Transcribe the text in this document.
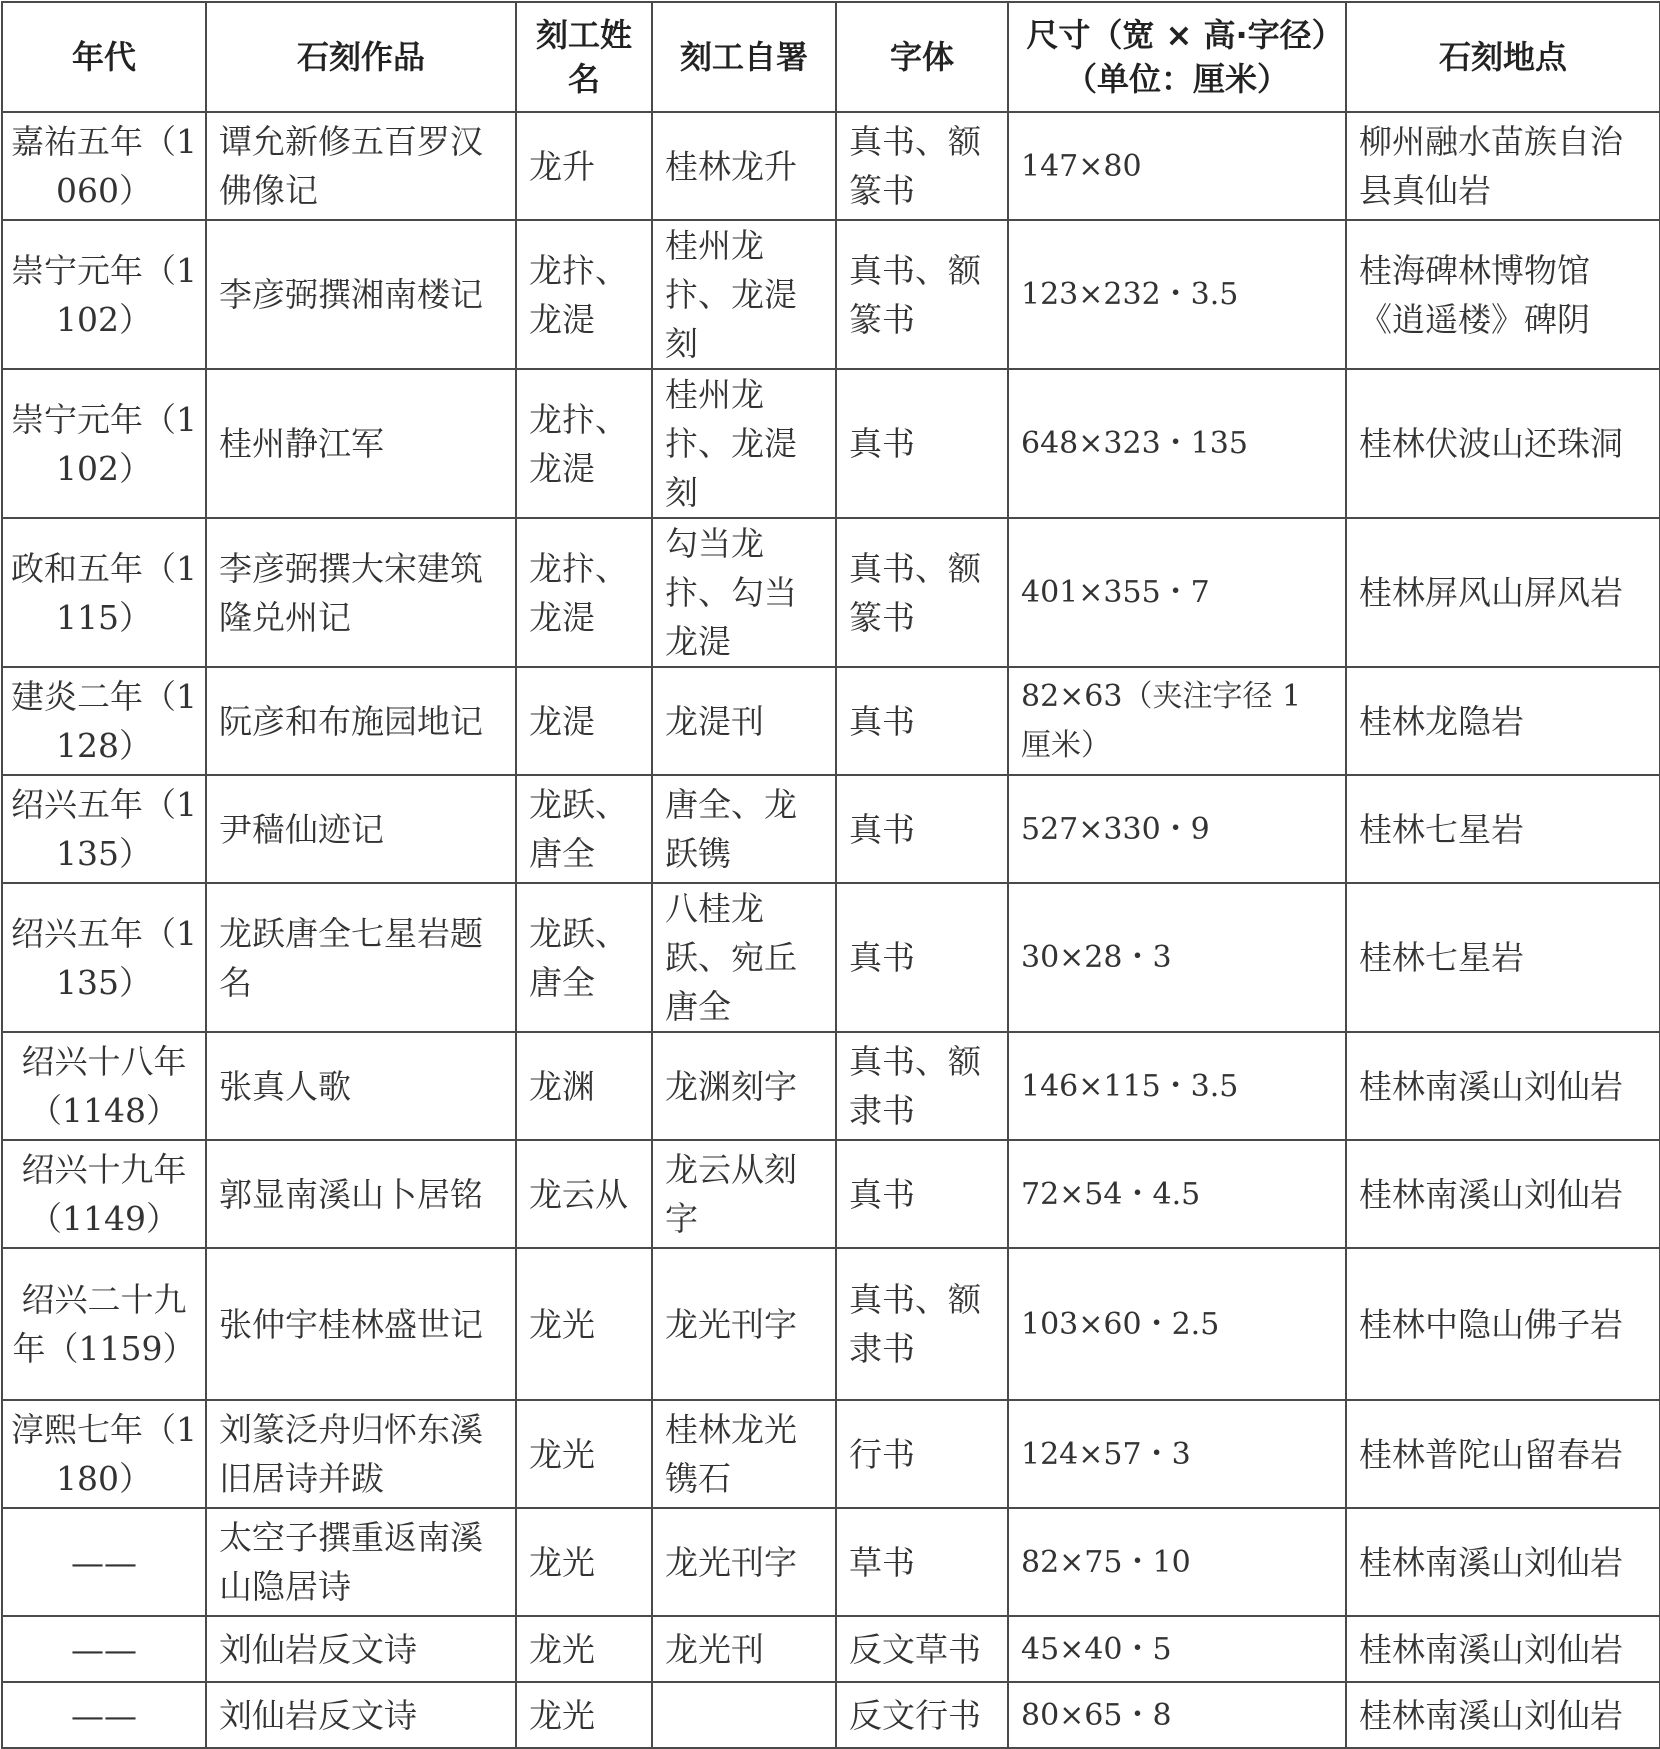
年代	石刻作品	刻工姓名	刻工自署	字体	尺寸（宽 × 高·字径）（单位：厘米）	石刻地点
嘉祐五年（1060）	谭允新修五百罗汉佛像记	龙升	桂林龙升	真书、额篆书	147×80	柳州融水苗族自治县真仙岩
崇宁元年（1102）	李彦弼撰湘南楼记	龙抃、龙湜	桂州龙抃、龙湜刻	真书、额篆书	123×232・3.5	桂海碑林博物馆《逍遥楼》碑阴
崇宁元年（1102）	桂州静江军	龙抃、龙湜	桂州龙抃、龙湜刻	真书	648×323・135	桂林伏波山还珠洞
政和五年（1115）	李彦弼撰大宋建筑隆兑州记	龙抃、龙湜	勾当龙抃、勾当龙湜	真书、额篆书	401×355・7	桂林屏风山屏风岩
建炎二年（1128）	阮彦和布施园地记	龙湜	龙湜刊	真书	82×63（夹注字径 1 厘米）	桂林龙隐岩
绍兴五年（1135）	尹穑仙迹记	龙跃、唐全	唐全、龙跃镌	真书	527×330・9	桂林七星岩
绍兴五年（1135）	龙跃唐全七星岩题名	龙跃、唐全	八桂龙跃、宛丘唐全	真书	30×28・3	桂林七星岩
绍兴十八年（1148）	张真人歌	龙渊	龙渊刻字	真书、额隶书	146×115・3.5	桂林南溪山刘仙岩
绍兴十九年（1149）	郭显南溪山卜居铭	龙云从	龙云从刻字	真书	72×54・4.5	桂林南溪山刘仙岩
绍兴二十九年（1159）	张仲宇桂林盛世记	龙光	龙光刊字	真书、额隶书	103×60・2.5	桂林中隐山佛子岩
淳熙七年（1180）	刘篆泛舟归怀东溪旧居诗并跋	龙光	桂林龙光镌石	行书	124×57・3	桂林普陀山留春岩
——	太空子撰重返南溪山隐居诗	龙光	龙光刊字	草书	82×75・10	桂林南溪山刘仙岩
——	刘仙岩反文诗	龙光	龙光刊	反文草书	45×40・5	桂林南溪山刘仙岩
——	刘仙岩反文诗	龙光		反文行书	80×65・8	桂林南溪山刘仙岩
